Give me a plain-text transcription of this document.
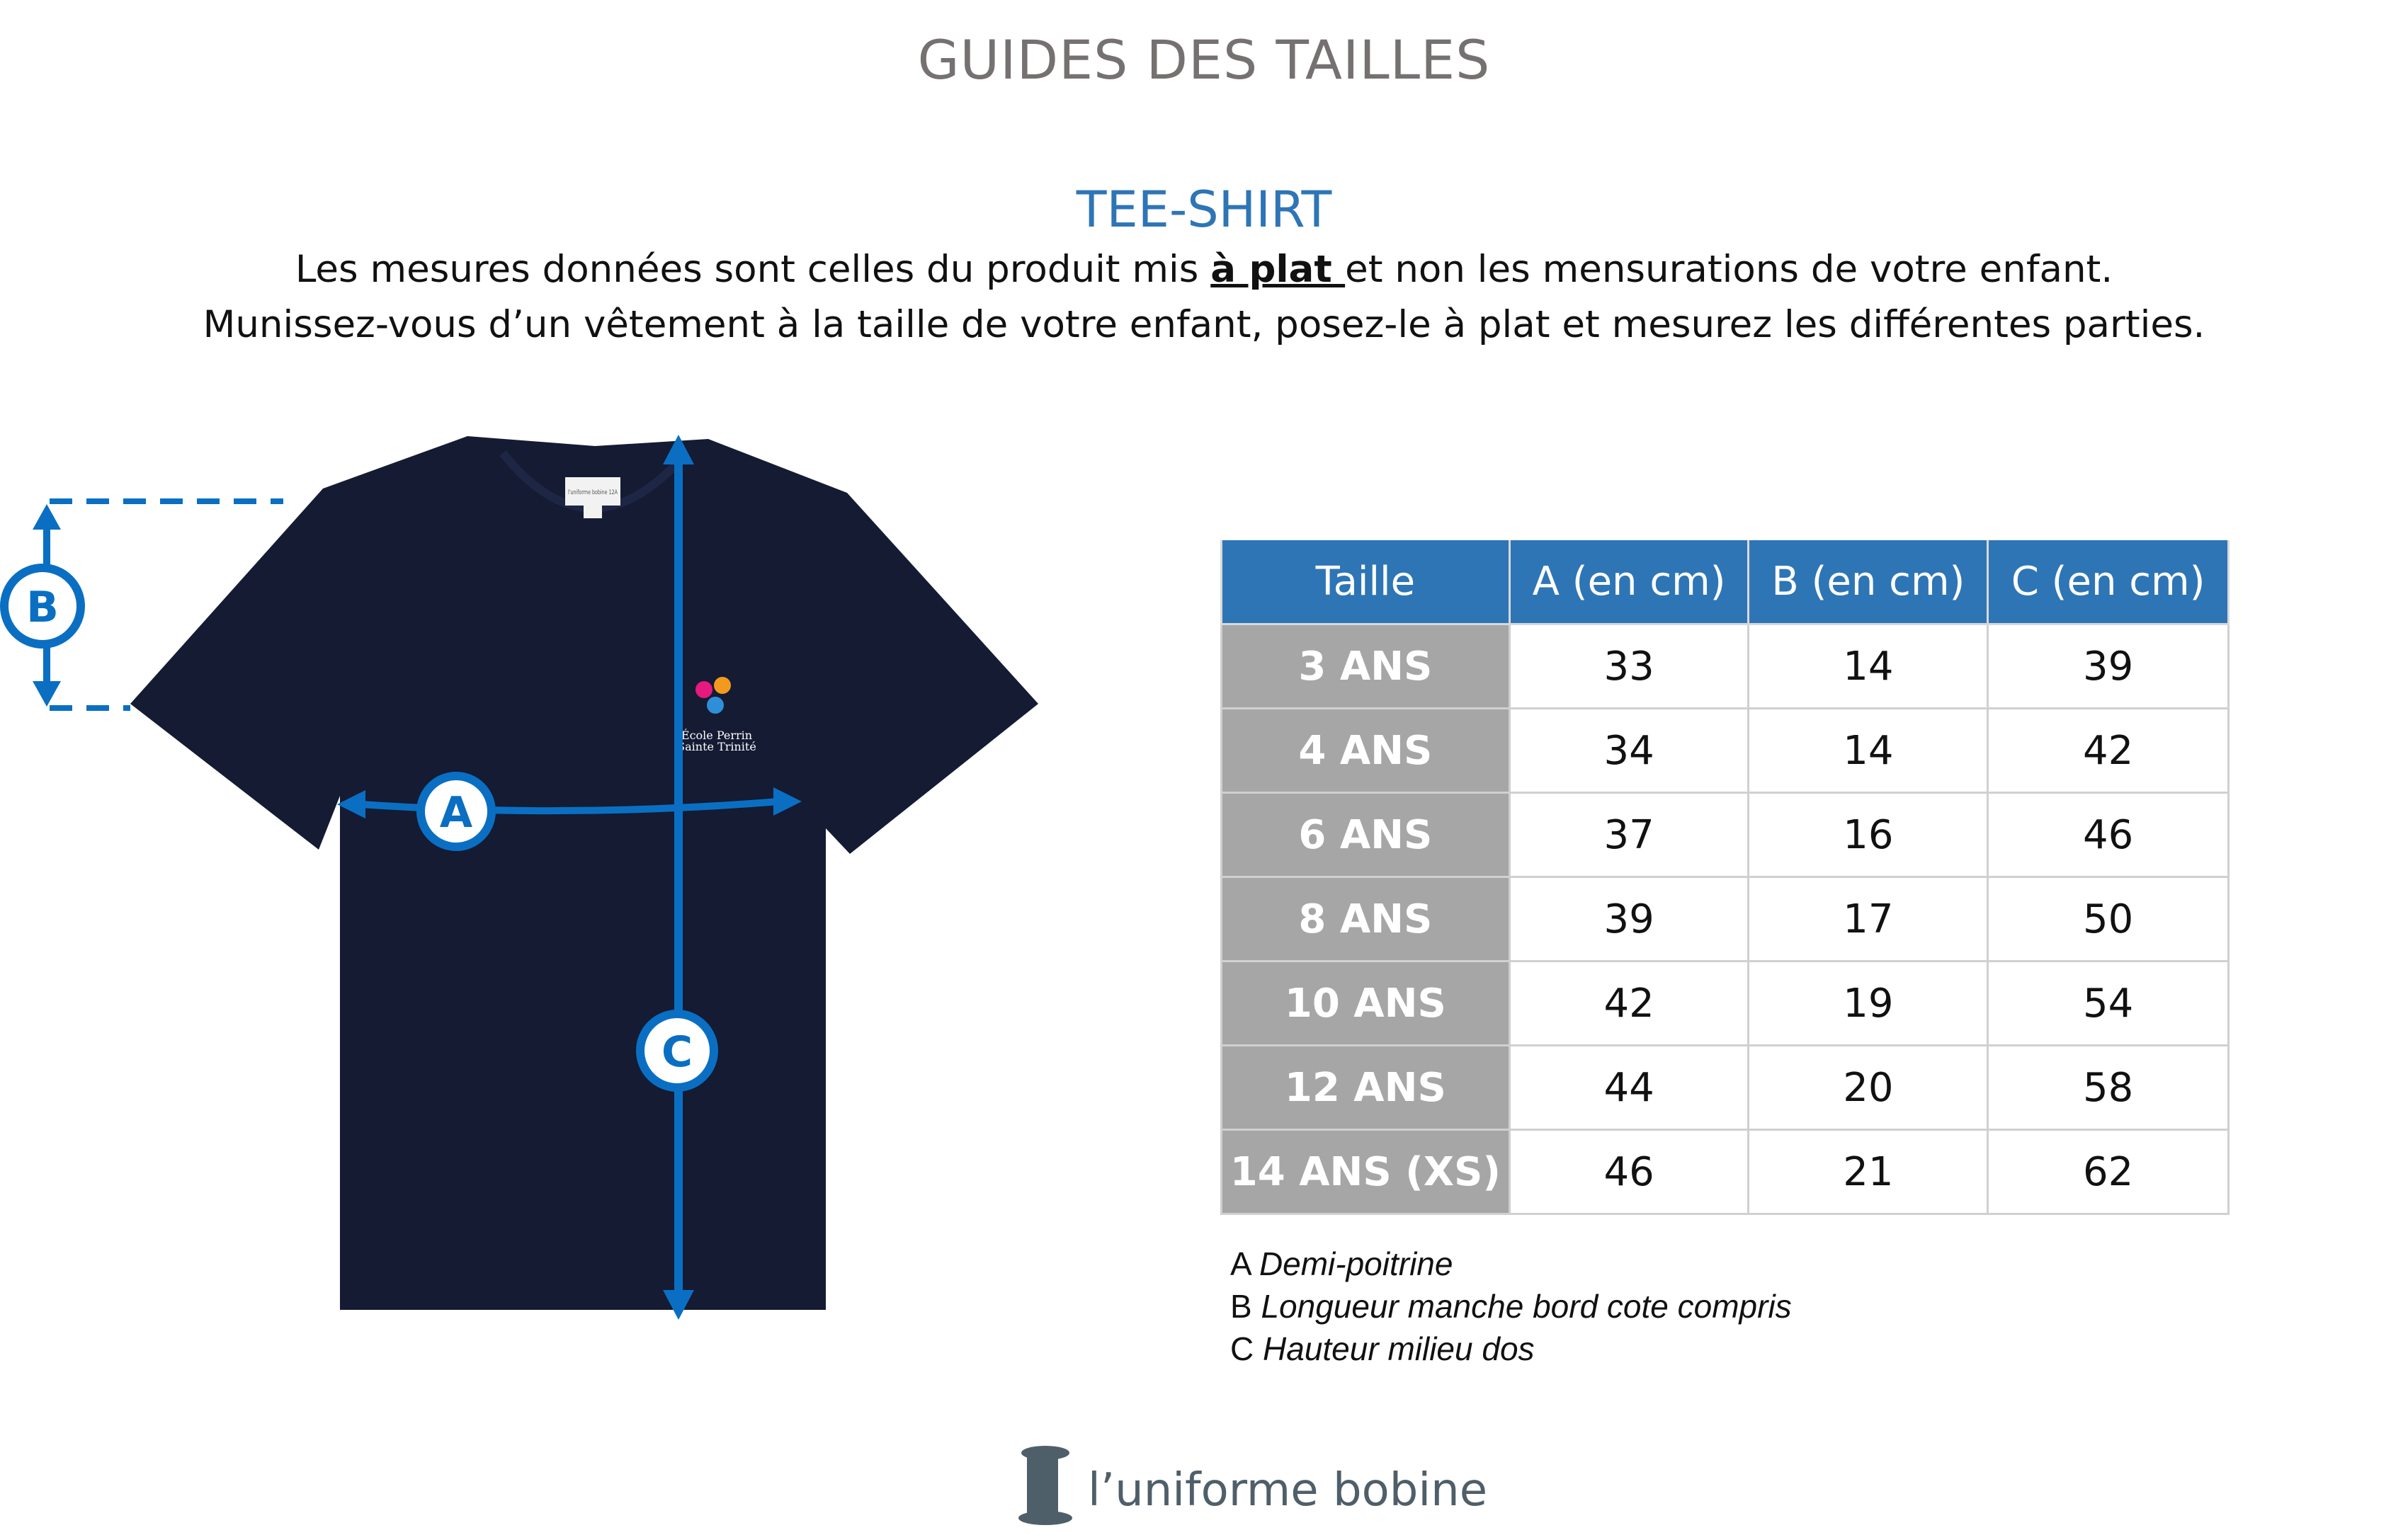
GUIDES DES TAILLES
TEE-SHIRT
Les mesures données sont celles du produit mis à plat et non les mensurations de votre enfant.
Munissez-vous d’un vêtement à la taille de votre enfant, posez-le à plat et mesurez les différentes parties.
l'uniforme bobine 12A
École Perrin
Sainte Trinité
B
A
C
Taille	A (en cm)	B (en cm)	C (en cm)
3 ANS	33	14	39
4 ANS	34	14	42
6 ANS	37	16	46
8 ANS	39	17	50
10 ANS	42	19	54
12 ANS	44	20	58
14 ANS (XS)	46	21	62
A Demi-poitrine
B Longueur manche bord cote compris
C Hauteur milieu dos
l’uniforme bobine
